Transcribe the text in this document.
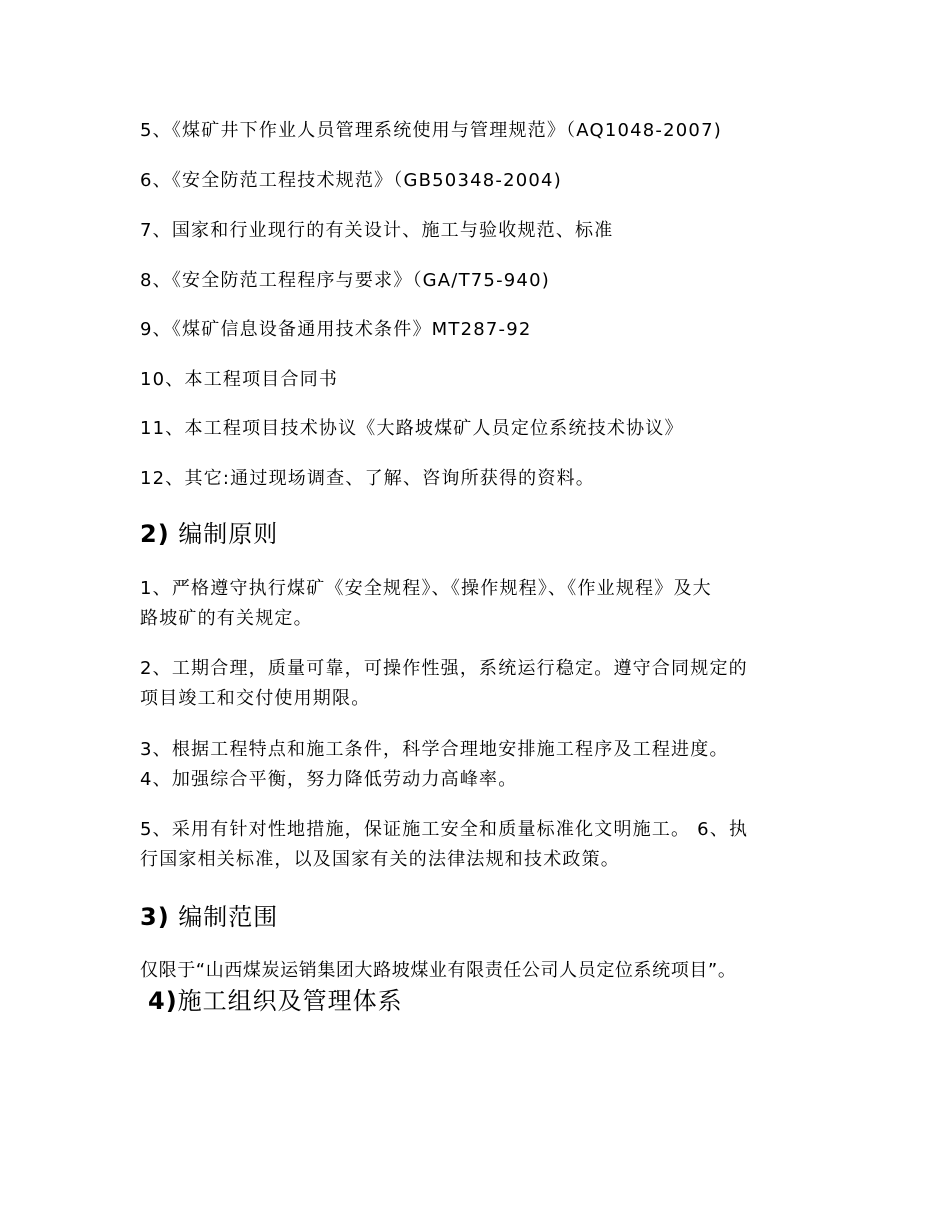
5、《煤矿井下作业人员管理系统使用与管理规范》（AQ1048-2007)
6、《安全防范工程技术规范》（GB50348-2004)
7、国家和行业现行的有关设计、施工与验收规范、标准
8、《安全防范工程程序与要求》（GA/T75-940)
9、《煤矿信息设备通用技术条件》MT287-92
10、本工程项目合同书
11、本工程项目技术协议《大路坡煤矿人员定位系统技术协议》
12、其它:通过现场调查、了解、咨询所获得的资料。
2) 编制原则
1、严格遵守执行煤矿《安全规程》、《操作规程》、《作业规程》及大
路坡矿的有关规定。
2、工期合理，质量可靠，可操作性强，系统运行稳定。遵守合同规定的
项目竣工和交付使用期限。
3、根据工程特点和施工条件，科学合理地安排施工程序及工程进度。
4、加强综合平衡，努力降低劳动力高峰率。
5、采用有针对性地措施，保证施工安全和质量标准化文明施工。 6、执
行国家相关标准，以及国家有关的法律法规和技术政策。
3) 编制范围
仅限于“山西煤炭运销集团大路坡煤业有限责任公司人员定位系统项目”。
4)施工组织及管理体系
